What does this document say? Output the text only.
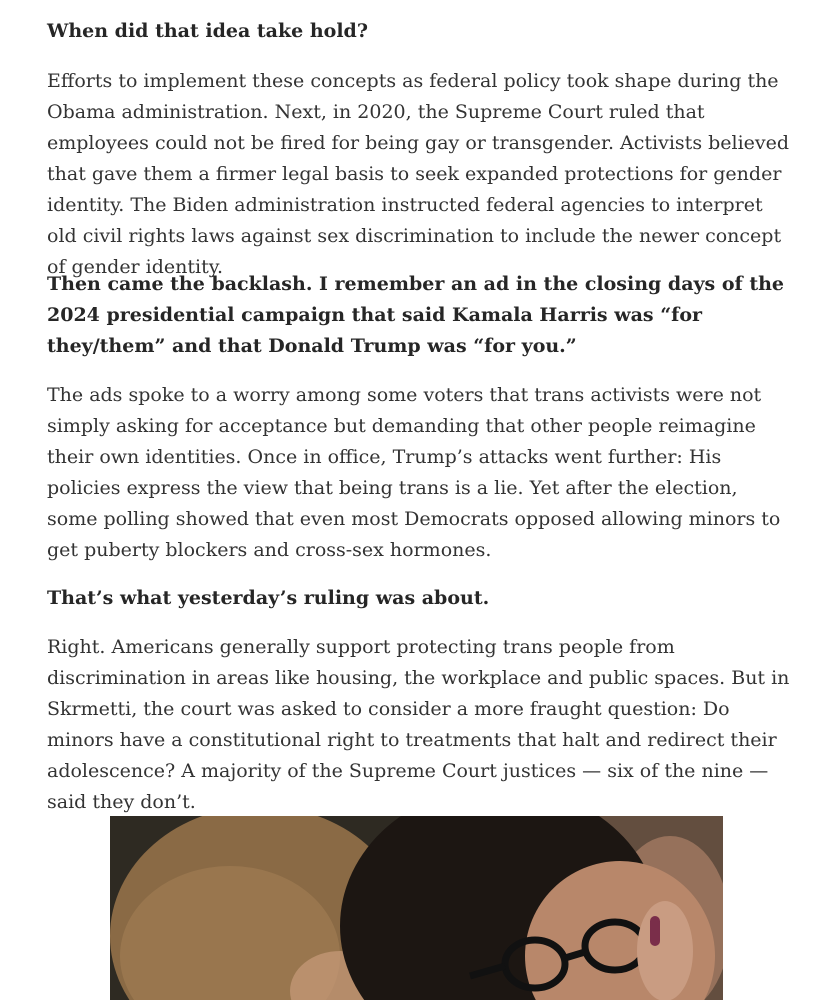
When did that idea take hold?

Efforts to implement these concepts as federal policy took shape during the Obama administration. Next, in 2020, the Supreme Court ruled that employees could not be fired for being gay or transgender. Activists believed that gave them a firmer legal basis to seek expanded protections for gender identity. The Biden administration instructed federal agencies to interpret old civil rights laws against sex discrimination to include the newer concept of gender identity.

Then came the backlash. I remember an ad in the closing days of the 2024 presidential campaign that said Kamala Harris was “for they/them” and that Donald Trump was “for you.”

The ads spoke to a worry among some voters that trans activists were not simply asking for acceptance but demanding that other people reimagine their own identities. Once in office, Trump’s attacks went further: His policies express the view that being trans is a lie. Yet after the election, some polling showed that even most Democrats opposed allowing minors to get puberty blockers and cross-sex hormones.

That’s what yesterday’s ruling was about.

Right. Americans generally support protecting trans people from discrimination in areas like housing, the workplace and public spaces. But in Skrmetti, the court was asked to consider a more fraught question: Do minors have a constitutional right to treatments that halt and redirect their adolescence? A majority of the Supreme Court justices — six of the nine — said they don’t.
